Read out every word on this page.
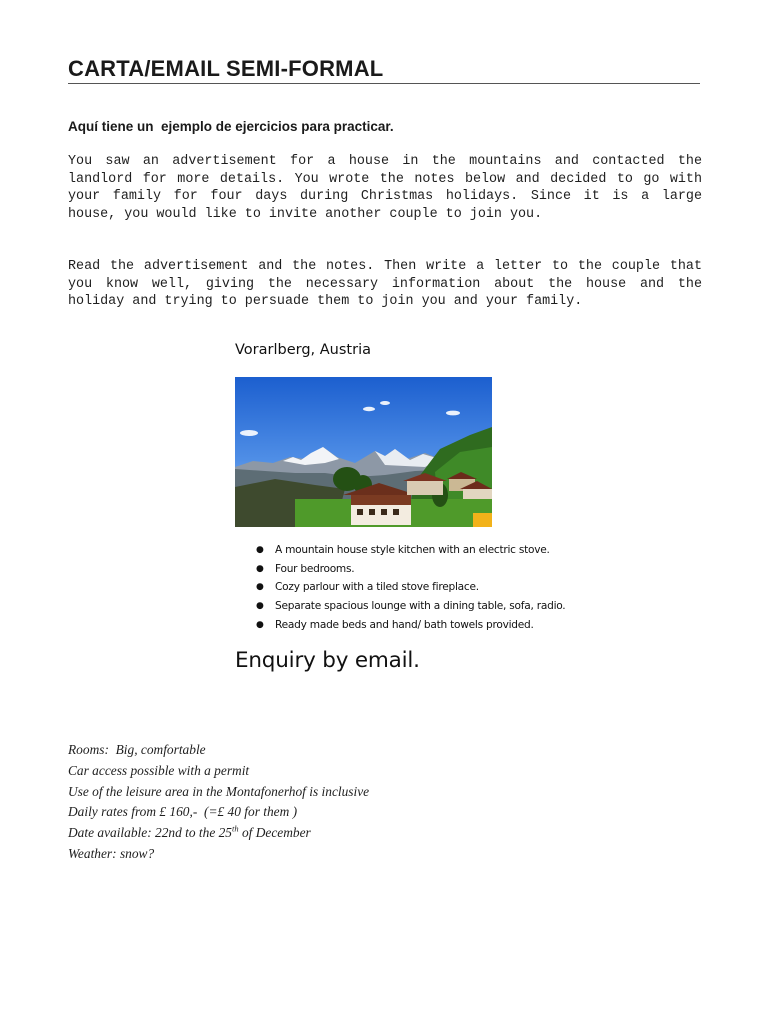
CARTA/EMAIL SEMI-FORMAL
Aquí tiene un  ejemplo de ejercicios para practicar.

You saw an advertisement for a house in the mountains and contacted the landlord for more details. You wrote the notes below and decided to go with your family for four days during Christmas holidays. Since it is a large house, you would like to invite another couple to join you.

Read the advertisement and the notes. Then write a letter to the couple that you know well, giving the necessary information about the house and the holiday and trying to persuade them to join you and your family.

Vorarlberg, Austria
● A mountain house style kitchen with an electric stove.
● Four bedrooms.
● Cozy parlour with a tiled stove fireplace.
● Separate spacious lounge with a dining table, sofa, radio.
● Ready made beds and hand/ bath towels provided.
Enquiry by email.
Rooms:  Big, comfortable
Car access possible with a permit
Use of the leisure area in the Montafonerhof is inclusive
Daily rates from £ 160,-  (=£ 40 for them )
Date available: 22nd to the 25th of December
Weather: snow?
